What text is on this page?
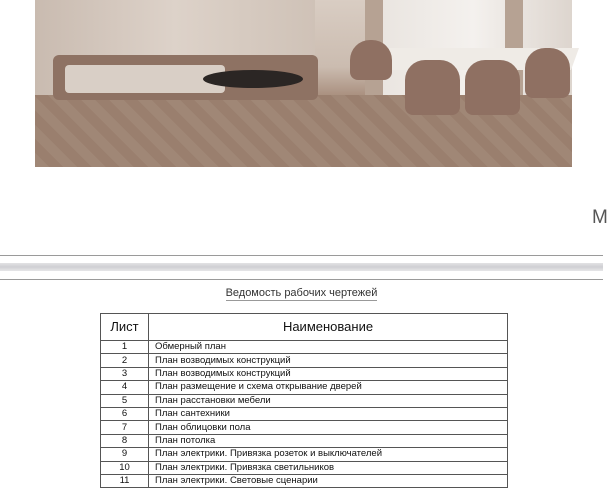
М
Ведомость рабочих чертежей
Лист	Наименование
1	Обмерный план
2	План возводимых конструкций
3	План возводимых конструкций
4	План размещение и схема открывание дверей
5	План расстановки мебели
6	План сантехники
7	План облицовки пола
8	План потолка
9	План электрики. Привязка розеток и выключателей
10	План электрики. Привязка светильников
11	План электрики. Световые сценарии
